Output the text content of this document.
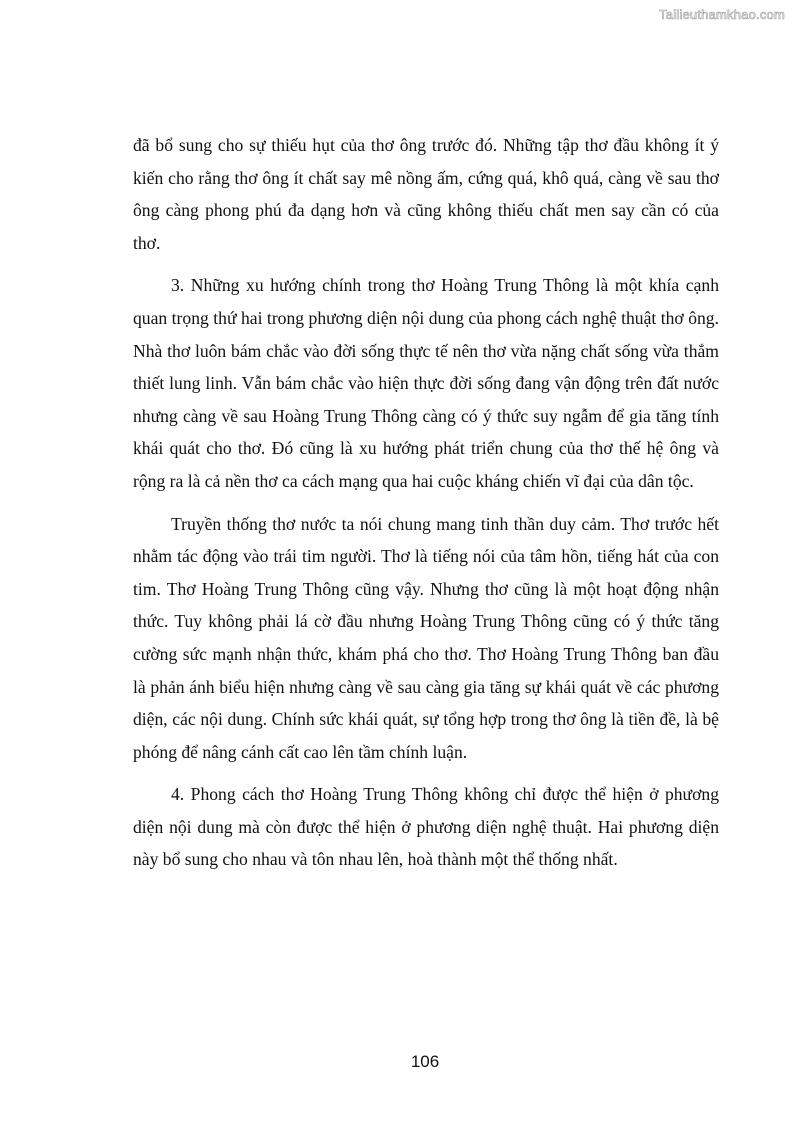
Tailieuthamkhao.com

đã bổ sung cho sự thiếu hụt của thơ ông trước đó. Những tập thơ đầu không ít ý kiến cho rằng thơ ông ít chất say mê nồng ấm, cứng quá, khô quá, càng về sau thơ ông càng phong phú đa dạng hơn và cũng không thiếu chất men say cần có của thơ.

3. Những xu hướng chính trong thơ Hoàng Trung Thông là một khía cạnh quan trọng thứ hai trong phương diện nội dung của phong cách nghệ thuật thơ ông. Nhà thơ luôn bám chắc vào đời sống thực tế nên thơ vừa nặng chất sống vừa thắm thiết lung linh. Vẫn bám chắc vào hiện thực đời sống đang vận động trên đất nước nhưng càng về sau Hoàng Trung Thông càng có ý thức suy ngẫm để gia tăng tính khái quát cho thơ. Đó cũng là xu hướng phát triển chung của thơ thế hệ ông và rộng ra là cả nền thơ ca cách mạng qua hai cuộc kháng chiến vĩ đại của dân tộc.

Truyền thống thơ nước ta nói chung mang tinh thần duy cảm. Thơ trước hết nhằm tác động vào trái tim người. Thơ là tiếng nói của tâm hồn, tiếng hát của con tim. Thơ Hoàng Trung Thông cũng vậy. Nhưng thơ cũng là một hoạt động nhận thức. Tuy không phải lá cờ đầu nhưng Hoàng Trung Thông cũng có ý thức tăng cường sức mạnh nhận thức, khám phá cho thơ. Thơ Hoàng Trung Thông ban đầu là phản ánh biểu hiện nhưng càng về sau càng gia tăng sự khái quát về các phương diện, các nội dung. Chính sức khái quát, sự tổng hợp trong thơ ông là tiền đề, là bệ phóng để nâng cánh cất cao lên tầm chính luận.

4. Phong cách thơ Hoàng Trung Thông không chỉ được thể hiện ở phương diện nội dung mà còn được thể hiện ở phương diện nghệ thuật. Hai phương diện này bổ sung cho nhau và tôn nhau lên, hoà thành một thể thống nhất.

106
